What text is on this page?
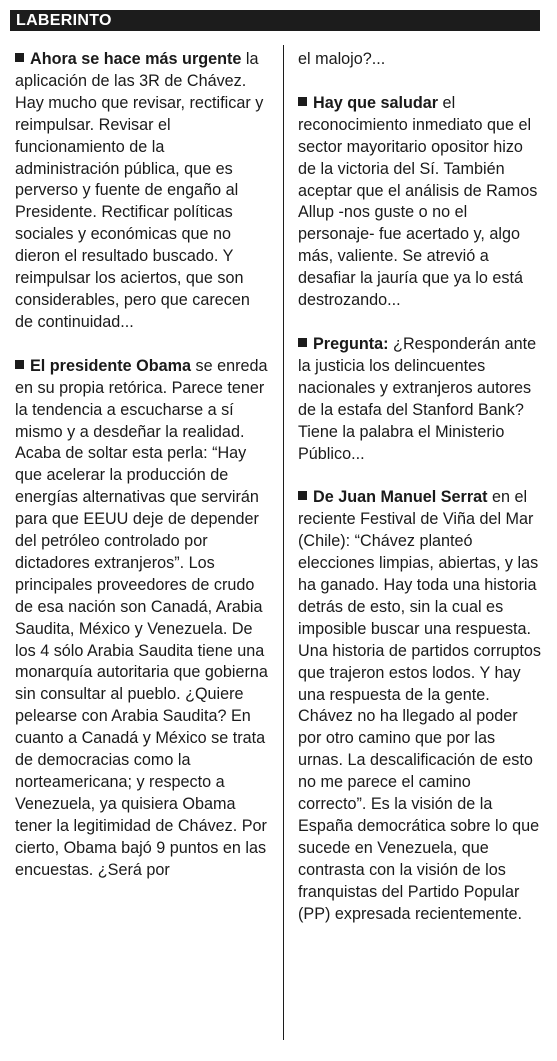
LABERINTO

Ahora se hace más urgente la aplicación de las 3R de Chávez. Hay mucho que revisar, rectificar y reimpulsar. Revisar el funcionamiento de la administración pública, que es perverso y fuente de engaño al Presidente. Rectificar políticas sociales y económicas que no dieron el resultado buscado. Y reimpulsar los aciertos, que son considerables, pero que carecen de continuidad...

El presidente Obama se enreda en su propia retórica. Parece tener la tendencia a escucharse a sí mismo y a desdeñar la realidad. Acaba de soltar esta perla: “Hay que acelerar la producción de energías alternativas que servirán para que EEUU deje de depender del petróleo controlado por dictadores extranjeros”. Los principales proveedores de crudo de esa nación son Canadá, Arabia Saudita, México y Venezuela. De los 4 sólo Arabia Saudita tiene una monarquía autoritaria que gobierna sin consultar al pueblo. ¿Quiere pelearse con Arabia Saudita? En cuanto a Canadá y México se trata de democracias como la norteamericana; y respecto a Venezuela, ya quisiera Obama tener la legitimidad de Chávez. Por cierto, Obama bajó 9 puntos en las encuestas. ¿Será por

el malojo?...

Hay que saludar el reconocimiento inmediato que el sector mayoritario opositor hizo de la victoria del Sí. También aceptar que el análisis de Ramos Allup -nos guste o no el personaje- fue acertado y, algo más, valiente. Se atrevió a desafiar la jauría que ya lo está destrozando...

Pregunta: ¿Responderán ante la justicia los delincuentes nacionales y extranjeros autores de la estafa del Stanford Bank? Tiene la palabra el Ministerio Público...

De Juan Manuel Serrat en el reciente Festival de Viña del Mar (Chile): “Chávez planteó elecciones limpias, abiertas, y las ha ganado. Hay toda una historia detrás de esto, sin la cual es imposible buscar una respuesta. Una historia de partidos corruptos que trajeron estos lodos. Y hay una respuesta de la gente. Chávez no ha llegado al poder por otro camino que por las urnas. La descalificación de esto no me parece el camino correcto”. Es la visión de la España democrática sobre lo que sucede en Venezuela, que contrasta con la visión de los franquistas del Partido Popular (PP) expresada recientemente.
